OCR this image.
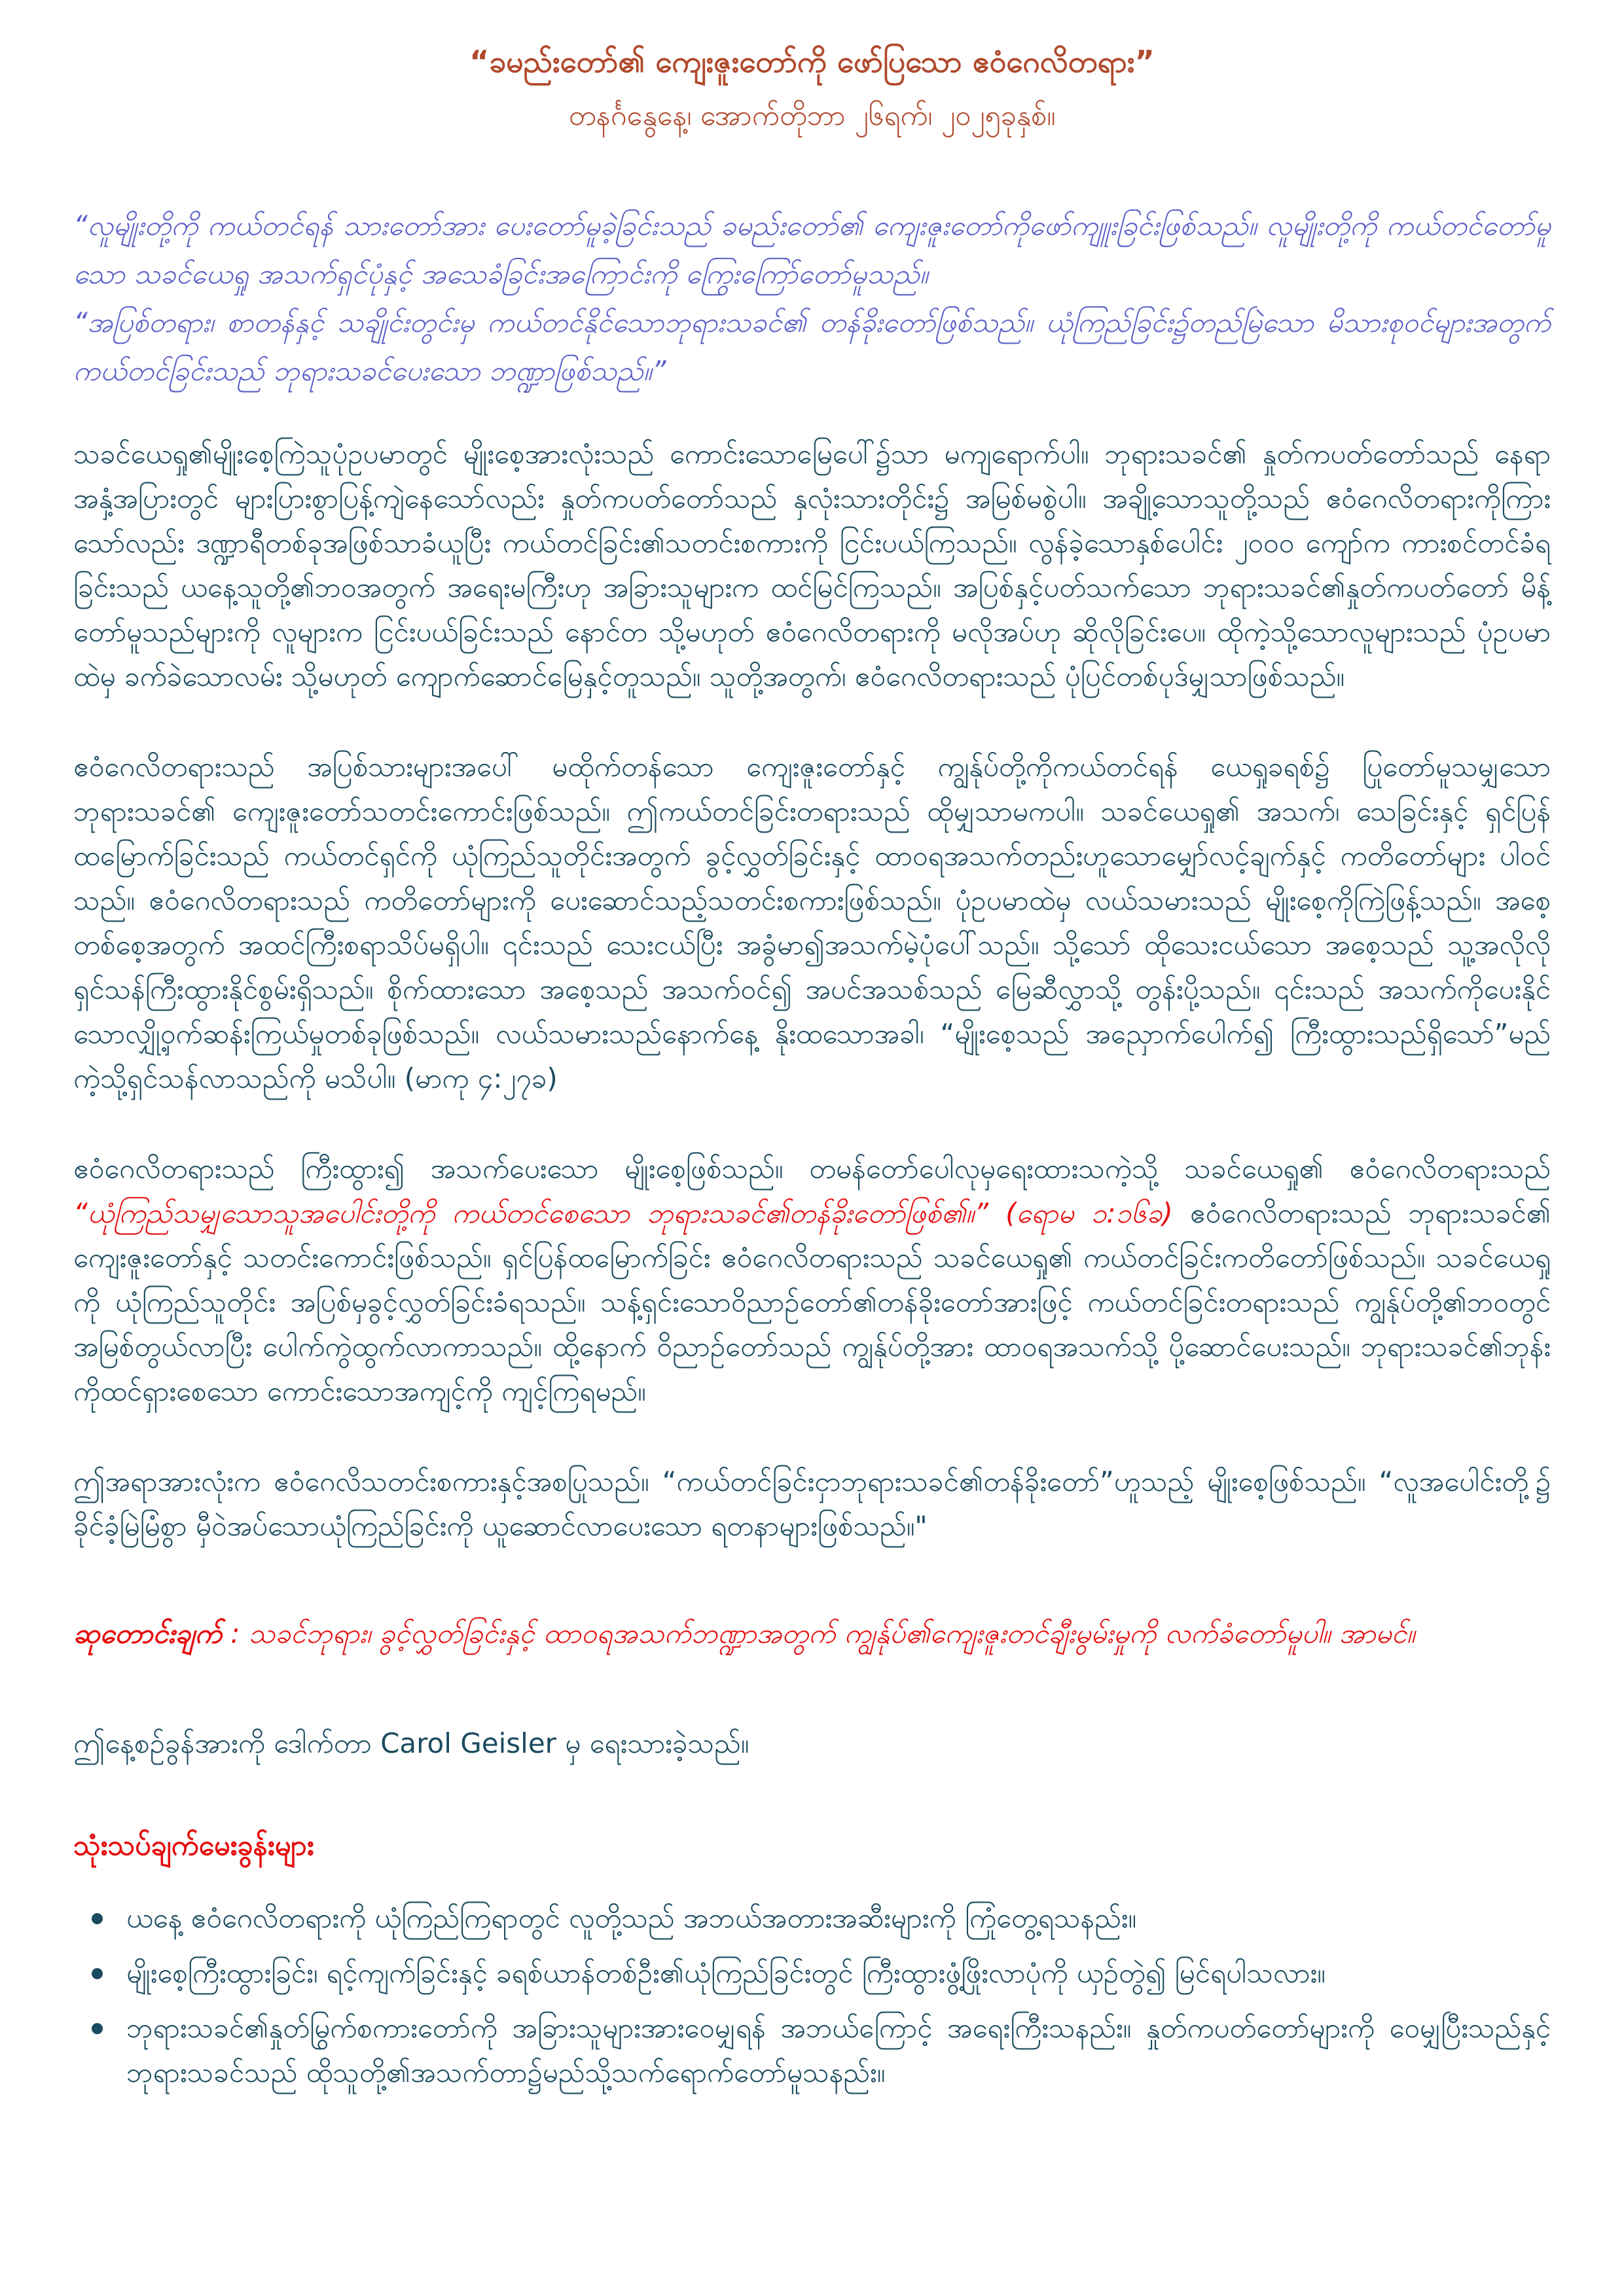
“ခမည်းတော်၏ ကျေးဇူးတော်ကို ဖော်ပြသော ဧဝံဂေလိတရား”

တနင်္ဂနွေနေ့၊ အောက်တိုဘာ ၂၆ရက်၊ ၂၀၂၅ခုနှစ်။

“လူမျိုးတို့ကို ကယ်တင်ရန် သားတော်အား ပေးတော်မူခဲ့ခြင်းသည် ခမည်းတော်၏ ကျေးဇူးတော်ကိုဖော်ကျူးခြင်းဖြစ်သည်။ လူမျိုးတို့ကို ကယ်တင်တော်မူသော သခင်ယေရှု အသက်ရှင်ပုံနှင့် အသေခံခြင်းအကြောင်းကို ကြွေးကြော်တော်မူသည်။

“အပြစ်တရား၊ စာတန်နှင့် သချိုင်းတွင်းမှ ကယ်တင်နိုင်သောဘုရားသခင်၏ တန်ခိုးတော်ဖြစ်သည်။ ယုံကြည်ခြင်း၌တည်မြဲသော မိသားစုဝင်များအတွက် ကယ်တင်ခြင်းသည် ဘုရားသခင်ပေးသော ဘဏ္ဍာဖြစ်သည်။”

သခင်ယေရှု၏မျိုးစေ့ကြဲသူပုံဥပမာတွင် မျိုးစေ့အားလုံးသည် ကောင်းသောမြေပေါ်၌သာ မကျရောက်ပါ။ ဘုရားသခင်၏ နှုတ်ကပတ်တော်သည် နေရာအနှံ့အပြားတွင် များပြားစွာပြန့်ကျဲနေသော်လည်း နှုတ်ကပတ်တော်သည် နှလုံးသားတိုင်း၌ အမြစ်မစွဲပါ။ အချို့သောသူတို့သည် ဧဝံဂေလိတရားကိုကြားသော်လည်း ဒဏ္ဍာရီတစ်ခုအဖြစ်သာခံယူပြီး ကယ်တင်ခြင်း၏သတင်းစကားကို ငြင်းပယ်ကြသည်။ လွန်ခဲ့သောနှစ်ပေါင်း ၂၀၀၀ ကျော်က ကားစင်တင်ခံရခြင်းသည် ယနေ့သူတို့၏ဘဝအတွက် အရေးမကြီးဟု အခြားသူများက ထင်မြင်ကြသည်။ အပြစ်နှင့်ပတ်သက်သော ဘုရားသခင်၏နှုတ်ကပတ်တော် မိန့်တော်မူသည်များကို လူများက ငြင်းပယ်ခြင်းသည် နောင်တ သို့မဟုတ် ဧဝံဂေလိတရားကို မလိုအပ်ဟု ဆိုလိုခြင်းပေ။ ထိုကဲ့သို့သောလူများသည် ပုံဥပမာထဲမှ ခက်ခဲသောလမ်း သို့မဟုတ် ကျောက်ဆောင်မြေနှင့်တူသည်။ သူတို့အတွက်၊ ဧဝံဂေလိတရားသည် ပုံပြင်တစ်ပုဒ်မျှသာဖြစ်သည်။

ဧဝံဂေလိတရားသည် အပြစ်သားများအပေါ် မထိုက်တန်သော ကျေးဇူးတော်နှင့် ကျွန်ုပ်တို့ကိုကယ်တင်ရန် ယေရှုခရစ်၌ ပြုတော်မူသမျှသော ဘုရားသခင်၏ ကျေးဇူးတော်သတင်းကောင်းဖြစ်သည်။ ဤကယ်တင်ခြင်းတရားသည် ထိုမျှသာမကပါ။ သခင်ယေရှု၏ အသက်၊ သေခြင်းနှင့် ရှင်ပြန်ထမြောက်ခြင်းသည် ကယ်တင်ရှင်ကို ယုံကြည်သူတိုင်းအတွက် ခွင့်လွှတ်ခြင်းနှင့် ထာဝရအသက်တည်းဟူသောမျှော်လင့်ချက်နှင့် ကတိတော်များ ပါဝင်သည်။ ဧဝံဂေလိတရားသည် ကတိတော်များကို ပေးဆောင်သည့်သတင်းစကားဖြစ်သည်။ ပုံဥပမာထဲမှ လယ်သမားသည် မျိုးစေ့ကိုကြဲဖြန့်သည်။ အစေ့တစ်စေ့အတွက် အထင်ကြီးစရာသိပ်မရှိပါ။ ၎င်းသည် သေးငယ်ပြီး အခွံမာ၍အသက်မဲ့ပုံပေါ်သည်။ သို့သော် ထိုသေးငယ်သော အစေ့သည် သူ့အလိုလို ရှင်သန်ကြီးထွားနိုင်စွမ်းရှိသည်။ စိုက်ထားသော အစေ့သည် အသက်ဝင်၍ အပင်အသစ်သည် မြေဆီလွှာသို့ တွန်းပို့သည်။ ၎င်းသည် အသက်ကိုပေးနိုင်သောလျှို့ဝှက်ဆန်းကြယ်မှုတစ်ခုဖြစ်သည်။ လယ်သမားသည်နောက်နေ့ နိုးထသောအခါ၊ “မျိုးစေ့သည် အညှောက်ပေါက်၍ ကြီးထွားသည်ရှိသော်”မည်ကဲ့သို့ရှင်သန်လာသည်ကို မသိပါ။ (မာကု ၄:၂၇ခ)

ဧဝံဂေလိတရားသည် ကြီးထွား၍ အသက်ပေးသော မျိုးစေ့ဖြစ်သည်။ တမန်တော်ပေါလုမှရေးထားသကဲ့သို့ သခင်ယေရှု၏ ဧဝံဂေလိတရားသည် “ယုံကြည်သမျှသောသူအပေါင်းတို့ကို ကယ်တင်စေသော ဘုရားသခင်၏တန်ခိုးတော်ဖြစ်၏။” (ရောမ ၁:၁၆ခ) ဧဝံဂေလိတရားသည် ဘုရားသခင်၏ ကျေးဇူးတော်နှင့် သတင်းကောင်းဖြစ်သည်။ ရှင်ပြန်ထမြောက်ခြင်း ဧဝံဂေလိတရားသည် သခင်ယေရှု၏ ကယ်တင်ခြင်းကတိတော်ဖြစ်သည်။ သခင်ယေရှုကို ယုံကြည်သူတိုင်း အပြစ်မှခွင့်လွှတ်ခြင်းခံရသည်။ သန့်ရှင်းသောဝိညာဉ်တော်၏တန်ခိုးတော်အားဖြင့် ကယ်တင်ခြင်းတရားသည် ကျွန်ုပ်တို့၏ဘဝတွင် အမြစ်တွယ်လာပြီး ပေါက်ကွဲထွက်လာကာသည်။ ထို့နောက် ဝိညာဉ်တော်သည် ကျွန်ုပ်တို့အား ထာဝရအသက်သို့ ပို့ဆောင်ပေးသည်။ ဘုရားသခင်၏ဘုန်းကိုထင်ရှားစေသော ကောင်းသောအကျင့်ကို ကျင့်ကြရမည်။

ဤအရာအားလုံးက ဧဝံဂေလိသတင်းစကားနှင့်အစပြုသည်။ “ကယ်တင်ခြင်းငှာဘုရားသခင်၏တန်ခိုးတော်”ဟူသည့် မျိုးစေ့ဖြစ်သည်။ “လူအပေါင်းတို့၌ ခိုင်ခံ့မြဲမြံစွာ မှီဝဲအပ်သောယုံကြည်ခြင်းကို ယူဆောင်လာပေးသော ရတနာများဖြစ်သည်။"

ဆုတောင်းချက် : သခင်ဘုရား၊ ခွင့်လွှတ်ခြင်းနှင့် ထာဝရအသက်ဘဏ္ဍာအတွက် ကျွန်ုပ်၏ကျေးဇူးတင်ချီးမွမ်းမှုကို လက်ခံတော်မူပါ။ အာမင်။

ဤနေ့စဉ်ခွန်အားကို ဒေါက်တာ Carol Geisler မှ ရေးသားခဲ့သည်။

သုံးသပ်ချက်မေးခွန်းများ
ယနေ့ ဧဝံဂေလိတရားကို ယုံကြည်ကြရာတွင် လူတို့သည် အဘယ်အတားအဆီးများကို ကြုံတွေ့ရသနည်း။
မျိုးစေ့ကြီးထွားခြင်း၊ ရင့်ကျက်ခြင်းနှင့် ခရစ်ယာန်တစ်ဦး၏ယုံကြည်ခြင်းတွင် ကြီးထွားဖွံ့ဖြိုးလာပုံကို ယှဉ်တွဲ၍ မြင်ရပါသလား။
ဘုရားသခင်၏နှုတ်မြွက်စကားတော်ကို အခြားသူများအားဝေမျှရန် အဘယ်ကြောင့် အရေးကြီးသနည်း။ နှုတ်ကပတ်တော်များကို ဝေမျှပြီးသည်နှင့် ဘုရားသခင်သည် ထိုသူတို့၏အသက်တာ၌မည်သို့သက်ရောက်တော်မူသနည်း။
